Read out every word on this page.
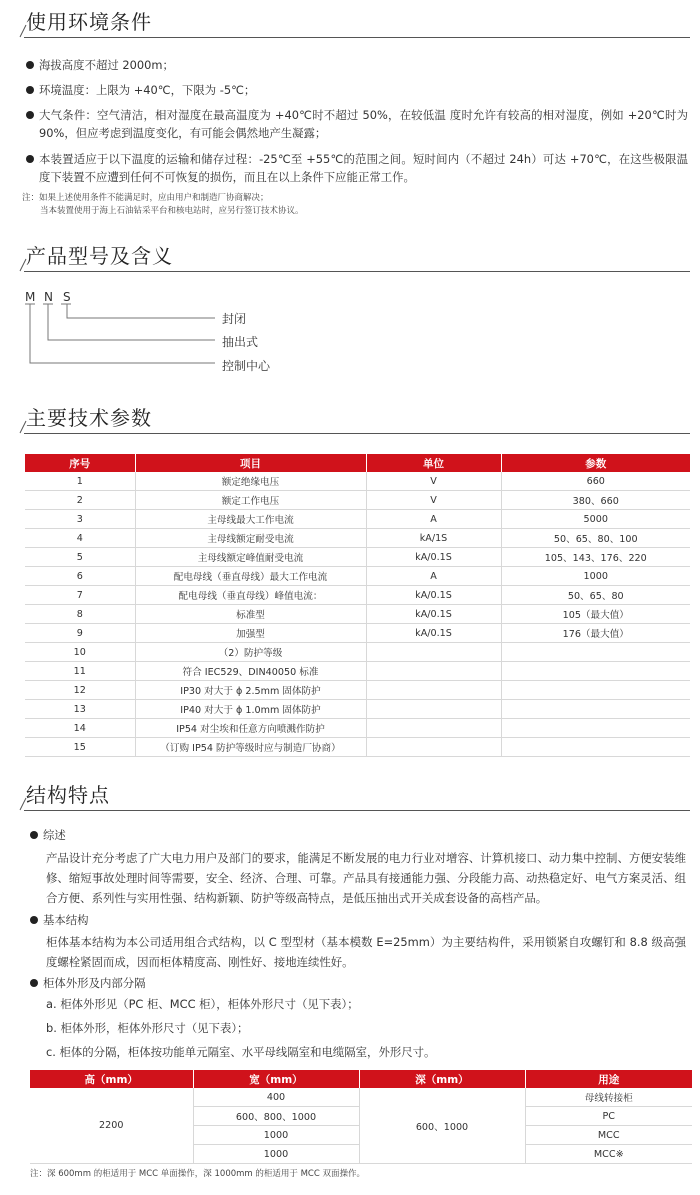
使用环境条件
海拔高度不超过 2000m；
环境温度：上限为 +40℃，下限为 -5℃；
大气条件：空气清洁，相对湿度在最高温度为 +40℃时不超过 50%，在较低温 度时允许有较高的相对湿度，例如 +20℃时为 90%，但应考虑到温度变化，有可能会偶然地产生凝露；
本装置适应于以下温度的运输和储存过程：-25℃至 +55℃的范围之间。短时间内（不超过 24h）可达 +70℃，在这些极限温度下装置不应遭到任何不可恢复的损伤，而且在以上条件下应能正常工作。
注：如果上述使用条件不能满足时，应由用户和制造厂协商解决；
当本装置使用于海上石油钻采平台和核电站时，应另行签订技术协议。
产品型号及含义
M N S
封闭
抽出式
控制中心
主要技术参数
序号	项目	单位	参数
1	额定绝缘电压	V	660
2	额定工作电压	V	380、660
3	主母线最大工作电流	A	5000
4	主母线额定耐受电流	kA/1S	50、65、80、100
5	主母线额定峰值耐受电流	kA/0.1S	105、143、176、220
6	配电母线（垂直母线）最大工作电流	A	1000
7	配电母线（垂直母线）峰值电流：	kA/0.1S	50、65、80
8	标准型	kA/0.1S	105（最大值）
9	加强型	kA/0.1S	176（最大值）
10	（2）防护等级		
11	符合 IEC529、DIN40050 标准		
12	IP30 对大于 ϕ 2.5mm 固体防护		
13	IP40 对大于 ϕ 1.0mm 固体防护		
14	IP54 对尘埃和任意方向喷溅作防护		
15	（订购 IP54 防护等级时应与制造厂协商）		
结构特点
综述
产品设计充分考虑了广大电力用户及部门的要求，能满足不断发展的电力行业对增容、计算机接口、动力集中控制、方便安装维修、缩短事故处理时间等需要，安全、经济、合理、可靠。产品具有接通能力强、分段能力高、动热稳定好、电气方案灵活、组合方便、系列性与实用性强、结构新颖、防护等级高特点，是低压抽出式开关成套设备的高档产品。
基本结构
柜体基本结构为本公司适用组合式结构，以 C 型型材（基本模数 E=25mm）为主要结构件，采用锁紧自攻螺钉和 8.8 级高强度螺栓紧固而成，因而柜体精度高、刚性好、接地连续性好。
柜体外形及内部分隔
a. 柜体外形见（PC 柜、MCC 柜），柜体外形尺寸（见下表）；
b. 柜体外形，柜体外形尺寸（见下表）；
c. 柜体的分隔，柜体按功能单元隔室、水平母线隔室和电缆隔室，外形尺寸。
高（mm）	宽（mm）	深（mm）	用途
2200	400	600、1000	母线转接柜
	600、800、1000		PC
	1000		MCC
	1000		MCC※
注：深 600mm 的柜适用于 MCC 单面操作，深 1000mm 的柜适用于 MCC 双面操作。
